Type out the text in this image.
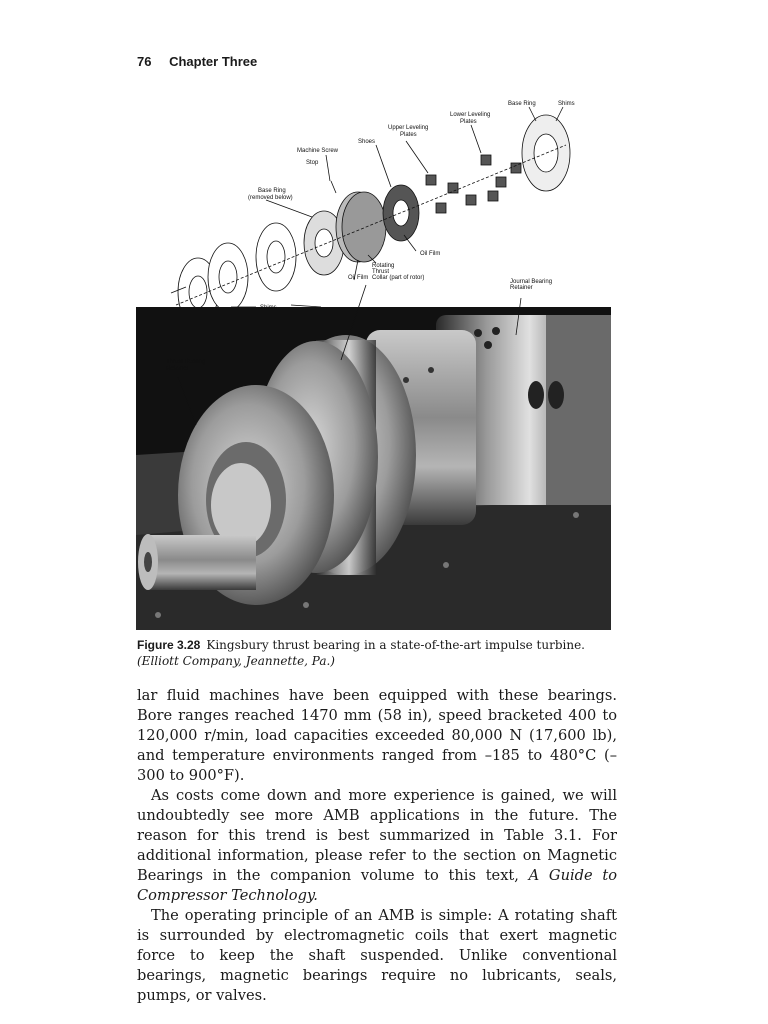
76 Chapter Three
Base Ring	Shims
Lower Leveling
Plates
Upper Leveling
Plates
Shoes
Machine Screw
Stop
Base Ring
(removed below)
Oil Film
Rotating
Thrust
Collar (part of rotor)
Oil Film
Journal Bearing
Retainer
Shims
Thrust Bearing
Retainer
Figure 3.28 Kingsbury thrust bearing in a state-of-the-art impulse turbine. (Elliott Company, Jeannette, Pa.)

lar fluid machines have been equipped with these bearings. Bore ranges reached 1470 mm (58 in), speed bracketed 400 to 120,000 r/min, load capacities exceeded 80,000 N (17,600 lb), and temperature environments ranged from –185 to 480°C (–300 to 900°F).

As costs come down and more experience is gained, we will undoubtedly see more AMB applications in the future. The reason for this trend is best summarized in Table 3.1. For additional information, please refer to the section on Magnetic Bearings in the companion volume to this text, A Guide to Compressor Technology.

The operating principle of an AMB is simple: A rotating shaft is surrounded by electromagnetic coils that exert magnetic force to keep the shaft suspended. Unlike conventional bearings, magnetic bearings require no lubricants, seals, pumps, or valves.
